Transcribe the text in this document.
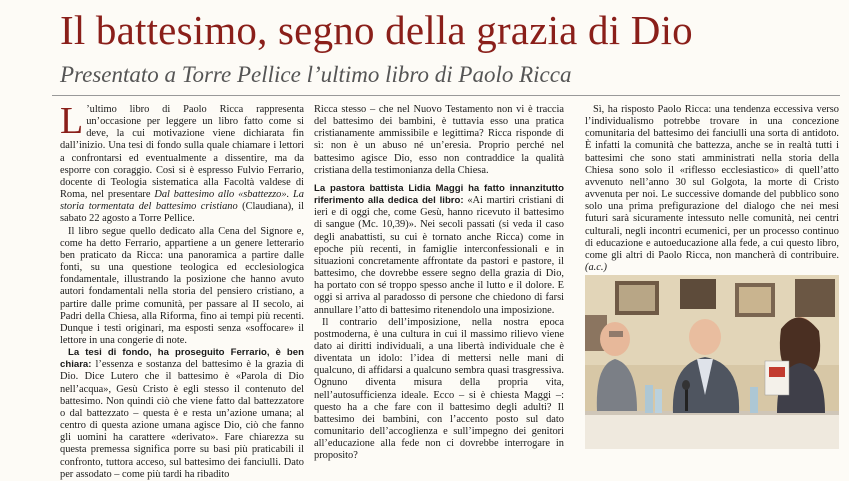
Il battesimo, segno della grazia di Dio
Presentato a Torre Pellice l’ultimo libro di Paolo Ricca

L ’ultimo libro di Paolo Ricca rappresenta un’occasione per leggere un libro fatto come si deve, la cui motivazione viene dichiarata fin dall’inizio. Una tesi di fondo sulla quale chiamare i lettori a confrontarsi ed eventualmente a dissentire, ma da esporre con coraggio. Così si è espresso Fulvio Ferrario, docente di Teologia sistematica alla Facoltà valdese di Roma, nel presentare Dal battesimo allo «sbattezzo». La storia tormentata del battesimo cristiano (Claudiana), il sabato 22 agosto a Torre Pellice.

Il libro segue quello dedicato alla Cena del Signore e, come ha detto Ferrario, appartiene a un genere letterario ben praticato da Ricca: una panoramica a partire dalle fonti, su una questione teologica ed ecclesiologica fondamentale, illustrando la posizione che hanno avuto autori fondamentali nella storia del pensiero cristiano, a partire dalle prime comunità, per passare al II secolo, ai Padri della Chiesa, alla Riforma, fino ai tempi più recenti. Dunque i testi originari, ma esposti senza «soffocare» il lettore in una congerie di note.

La tesi di fondo, ha proseguito Ferrario, è ben chiara: l’essenza e sostanza del battesimo è la grazia di Dio. Dice Lutero che il battesimo è «Parola di Dio nell’acqua», Gesù Cristo è egli stesso il contenuto del battesimo. Non quindi ciò che viene fatto dal battezzatore o dal battezzato – questa è e resta un’azione umana; al centro di questa azione umana agisce Dio, ciò che fanno gli uomini ha carattere «derivato». Fare chiarezza su questa premessa significa porre su basi più praticabili il confronto, tuttora acceso, sul battesimo dei fanciulli. Dato per assodato – come più tardi ha ribadito

Ricca stesso – che nel Nuovo Testamento non vi è traccia del battesimo dei bambini, è tuttavia esso una pratica cristianamente ammissibile e legittima? Ricca risponde di sì: non è un abuso né un’eresia. Proprio perché nel battesimo agisce Dio, esso non contraddice la qualità cristiana della testimonianza della Chiesa.

La pastora battista Lidia Maggi ha fatto innanzitutto riferimento alla dedica del libro: «Ai martiri cristiani di ieri e di oggi che, come Gesù, hanno ricevuto il battesimo di sangue (Mc. 10,39)». Nei secoli passati (si veda il caso degli anabattisti, su cui è tornato anche Ricca) come in epoche più recenti, in famiglie interconfessionali e in situazioni concretamente affrontate da pastori e pastore, il battesimo, che dovrebbe essere segno della grazia di Dio, ha portato con sé troppo spesso anche il lutto e il dolore. E oggi si arriva al paradosso di persone che chiedono di farsi annullare l’atto di battesimo ritenendolo una imposizione.

Il contrario dell’imposizione, nella nostra epoca postmoderna, è una cultura in cui il massimo rilievo viene dato ai diritti individuali, a una libertà individuale che è diventata un idolo: l’idea di mettersi nelle mani di qualcuno, di affidarsi a qualcuno sembra quasi trasgressiva. Ognuno diventa misura della propria vita, nell’autosufficienza ideale. Ecco – si è chiesta Maggi –: questo ha a che fare con il battesimo degli adulti? Il battesimo dei bambini, con l’accento posto sul dato comunitario dell’accoglienza e sull’impegno dei genitori all’educazione alla fede non ci dovrebbe interrogare in proposito?

Sì, ha risposto Paolo Ricca: una tendenza eccessiva verso l’individualismo potrebbe trovare in una concezione comunitaria del battesimo dei fanciulli una sorta di antidoto. È infatti la comunità che battezza, anche se in realtà tutti i battesimi che sono stati amministrati nella storia della Chiesa sono solo il «riflesso ecclesiastico» di quell’atto avvenuto nell’anno 30 sul Golgota, la morte di Cristo avvenuta per noi. Le successive domande del pubblico sono solo una prima prefigurazione del dialogo che nei mesi futuri sarà sicuramente intessuto nelle comunità, nei centri culturali, negli incontri ecumenici, per un processo continuo di educazione e autoeducazione alla fede, a cui questo libro, come gli altri di Paolo Ricca, non mancherà di contribuire. (a.c.)
